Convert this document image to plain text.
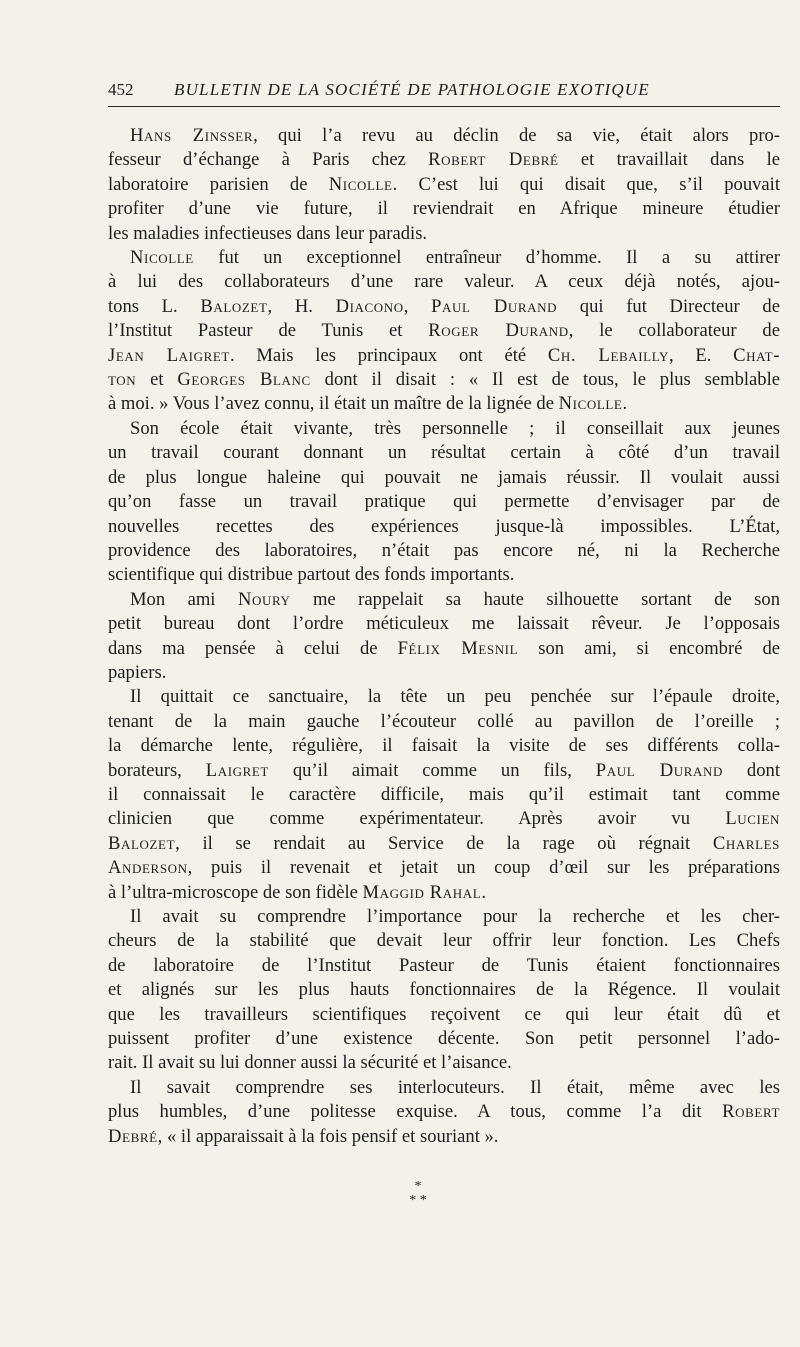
452 BULLETIN DE LA SOCIÉTÉ DE PATHOLOGIE EXOTIQUE
Hans Zinsser, qui l’a revu au déclin de sa vie, était alors pro-
fesseur d’échange à Paris chez Robert Debré et travaillait dans le
laboratoire parisien de Nicolle. C’est lui qui disait que, s’il pouvait
profiter d’une vie future, il reviendrait en Afrique mineure étudier
les maladies infectieuses dans leur paradis.
Nicolle fut un exceptionnel entraîneur d’homme. Il a su attirer
à lui des collaborateurs d’une rare valeur. A ceux déjà notés, ajou-
tons L. Balozet, H. Diacono, Paul Durand qui fut Directeur de
l’Institut Pasteur de Tunis et Roger Durand, le collaborateur de
Jean Laigret. Mais les principaux ont été Ch. Lebailly, E. Chat-
ton et Georges Blanc dont il disait : « Il est de tous, le plus semblable
à moi. » Vous l’avez connu, il était un maître de la lignée de Nicolle.
Son école était vivante, très personnelle ; il conseillait aux jeunes
un travail courant donnant un résultat certain à côté d’un travail
de plus longue haleine qui pouvait ne jamais réussir. Il voulait aussi
qu’on fasse un travail pratique qui permette d’envisager par de
nouvelles recettes des expériences jusque-là impossibles. L’État,
providence des laboratoires, n’était pas encore né, ni la Recherche
scientifique qui distribue partout des fonds importants.
Mon ami Noury me rappelait sa haute silhouette sortant de son
petit bureau dont l’ordre méticuleux me laissait rêveur. Je l’opposais
dans ma pensée à celui de Félix Mesnil son ami, si encombré de
papiers.
Il quittait ce sanctuaire, la tête un peu penchée sur l’épaule droite,
tenant de la main gauche l’écouteur collé au pavillon de l’oreille ;
la démarche lente, régulière, il faisait la visite de ses différents colla-
borateurs, Laigret qu’il aimait comme un fils, Paul Durand dont
il connaissait le caractère difficile, mais qu’il estimait tant comme
clinicien que comme expérimentateur. Après avoir vu Lucien
Balozet, il se rendait au Service de la rage où régnait Charles
Anderson, puis il revenait et jetait un coup d’œil sur les préparations
à l’ultra-microscope de son fidèle Maggid Rahal.
Il avait su comprendre l’importance pour la recherche et les cher-
cheurs de la stabilité que devait leur offrir leur fonction. Les Chefs
de laboratoire de l’Institut Pasteur de Tunis étaient fonctionnaires
et alignés sur les plus hauts fonctionnaires de la Régence. Il voulait
que les travailleurs scientifiques reçoivent ce qui leur était dû et
puissent profiter d’une existence décente. Son petit personnel l’ado-
rait. Il avait su lui donner aussi la sécurité et l’aisance.
Il savait comprendre ses interlocuteurs. Il était, même avec les
plus humbles, d’une politesse exquise. A tous, comme l’a dit Robert
Debré, « il apparaissait à la fois pensif et souriant ».
*
* *
